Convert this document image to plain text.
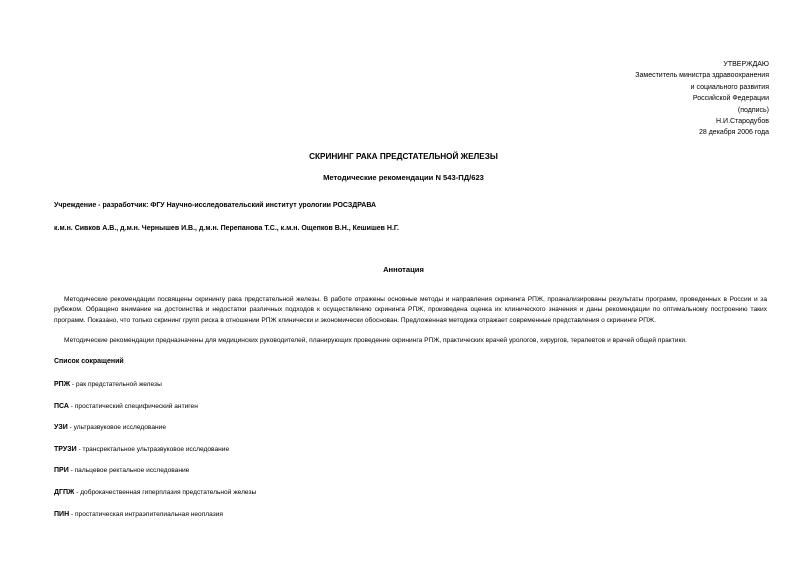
УТВЕРЖДАЮ
Заместитель министра здравоохранения
и социального развития
Российской Федерации
(подпись)
Н.И.Стародубов
28 декабря 2006 года
СКРИНИНГ РАКА ПРЕДСТАТЕЛЬНОЙ ЖЕЛЕЗЫ
Методические рекомендации N 543-ПД/623
Учреждение - разработчик: ФГУ Научно-исследовательский институт урологии РОСЗДРАВА
к.м.н. Сивков А.В., д.м.н. Чернышев И.В., д.м.н. Перепанова Т.С., к.м.н. Ощепков В.Н., Кешишев Н.Г.
Аннотация

Методические рекомендации посвящены скринингу рака предстательной железы. В работе отражены основные методы и направления скрининга РПЖ, проанализированы результаты программ, проведенных в России и за рубежом. Обращено внимание на достоинства и недостатки различных подходов к осуществлению скрининга РПЖ, произведена оценка их клинического значения и даны рекомендации по оптимальному построению таких программ. Показано, что только скрининг групп риска в отношении РПЖ клинически и экономически обоснован. Предложенная методика отражает современные представления о скрининге РПЖ.

Методические рекомендации предназначены для медицинских руководителей, планирующих проведение скрининга РПЖ, практических врачей урологов, хирургов, терапевтов и врачей общей практики.

Список сокращений
РПЖ - рак предстательной железы
ПСА - простатический специфический антиген
УЗИ - ультразвуковое исследование
ТРУЗИ - трансректальное ультразвуковое исследование
ПРИ - пальцевое ректальное исследование
ДГПЖ - доброкачественная гиперплазия предстательной железы
ПИН - простатическая интраэпителиальная неоплазия
